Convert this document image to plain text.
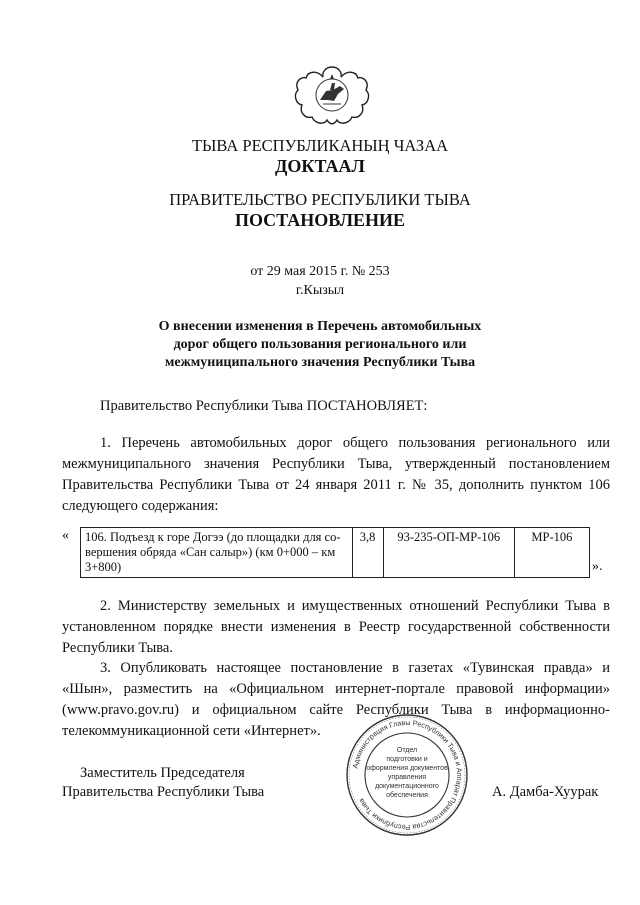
ТЫВА РЕСПУБЛИКАНЫҢ ЧАЗАА
ДОКТААЛ
ПРАВИТЕЛЬСТВО РЕСПУБЛИКИ ТЫВА
ПОСТАНОВЛЕНИЕ
от 29 мая 2015 г. № 253
г.Кызыл
О внесении изменения в Перечень автомобильных
дорог общего пользования регионального или
межмуниципального значения Республики Тыва
Правительство Республики Тыва ПОСТАНОВЛЯЕТ:
1. Перечень автомобильных дорог общего пользования регионального или межмуниципального значения Республики Тыва, утвержденный постановлением Правительства Республики Тыва от 24 января 2011 г. № 35, дополнить пунктом 106 следующего содержания:
« 106. Подъезд к горе Догээ (до площадки для со-вершения обряда «Сан салыр») (км 0+000 – км 3+800)	3,8	93-235-ОП-МР-106	МР-106
».
2. Министерству земельных и имущественных отношений Республики Тыва в установленном порядке внести изменения в Реестр государственной собственности Республики Тыва.
3. Опубликовать настоящее постановление в газетах «Тувинская правда» и «Шын», разместить на «Официальном интернет-портале правовой информации» (www.pravo.gov.ru) и официальном сайте Республики Тыва в информационно-телекоммуникационной сети «Интернет».
Заместитель Председателя
Правительства Республики Тыва	А. Дамба-Хуурак
Администрация Главы Республики Тыва и Аппарат Правительства Республики Тыва
Отдел
подготовки и
оформления документов
управления
документационного
обеспечения
